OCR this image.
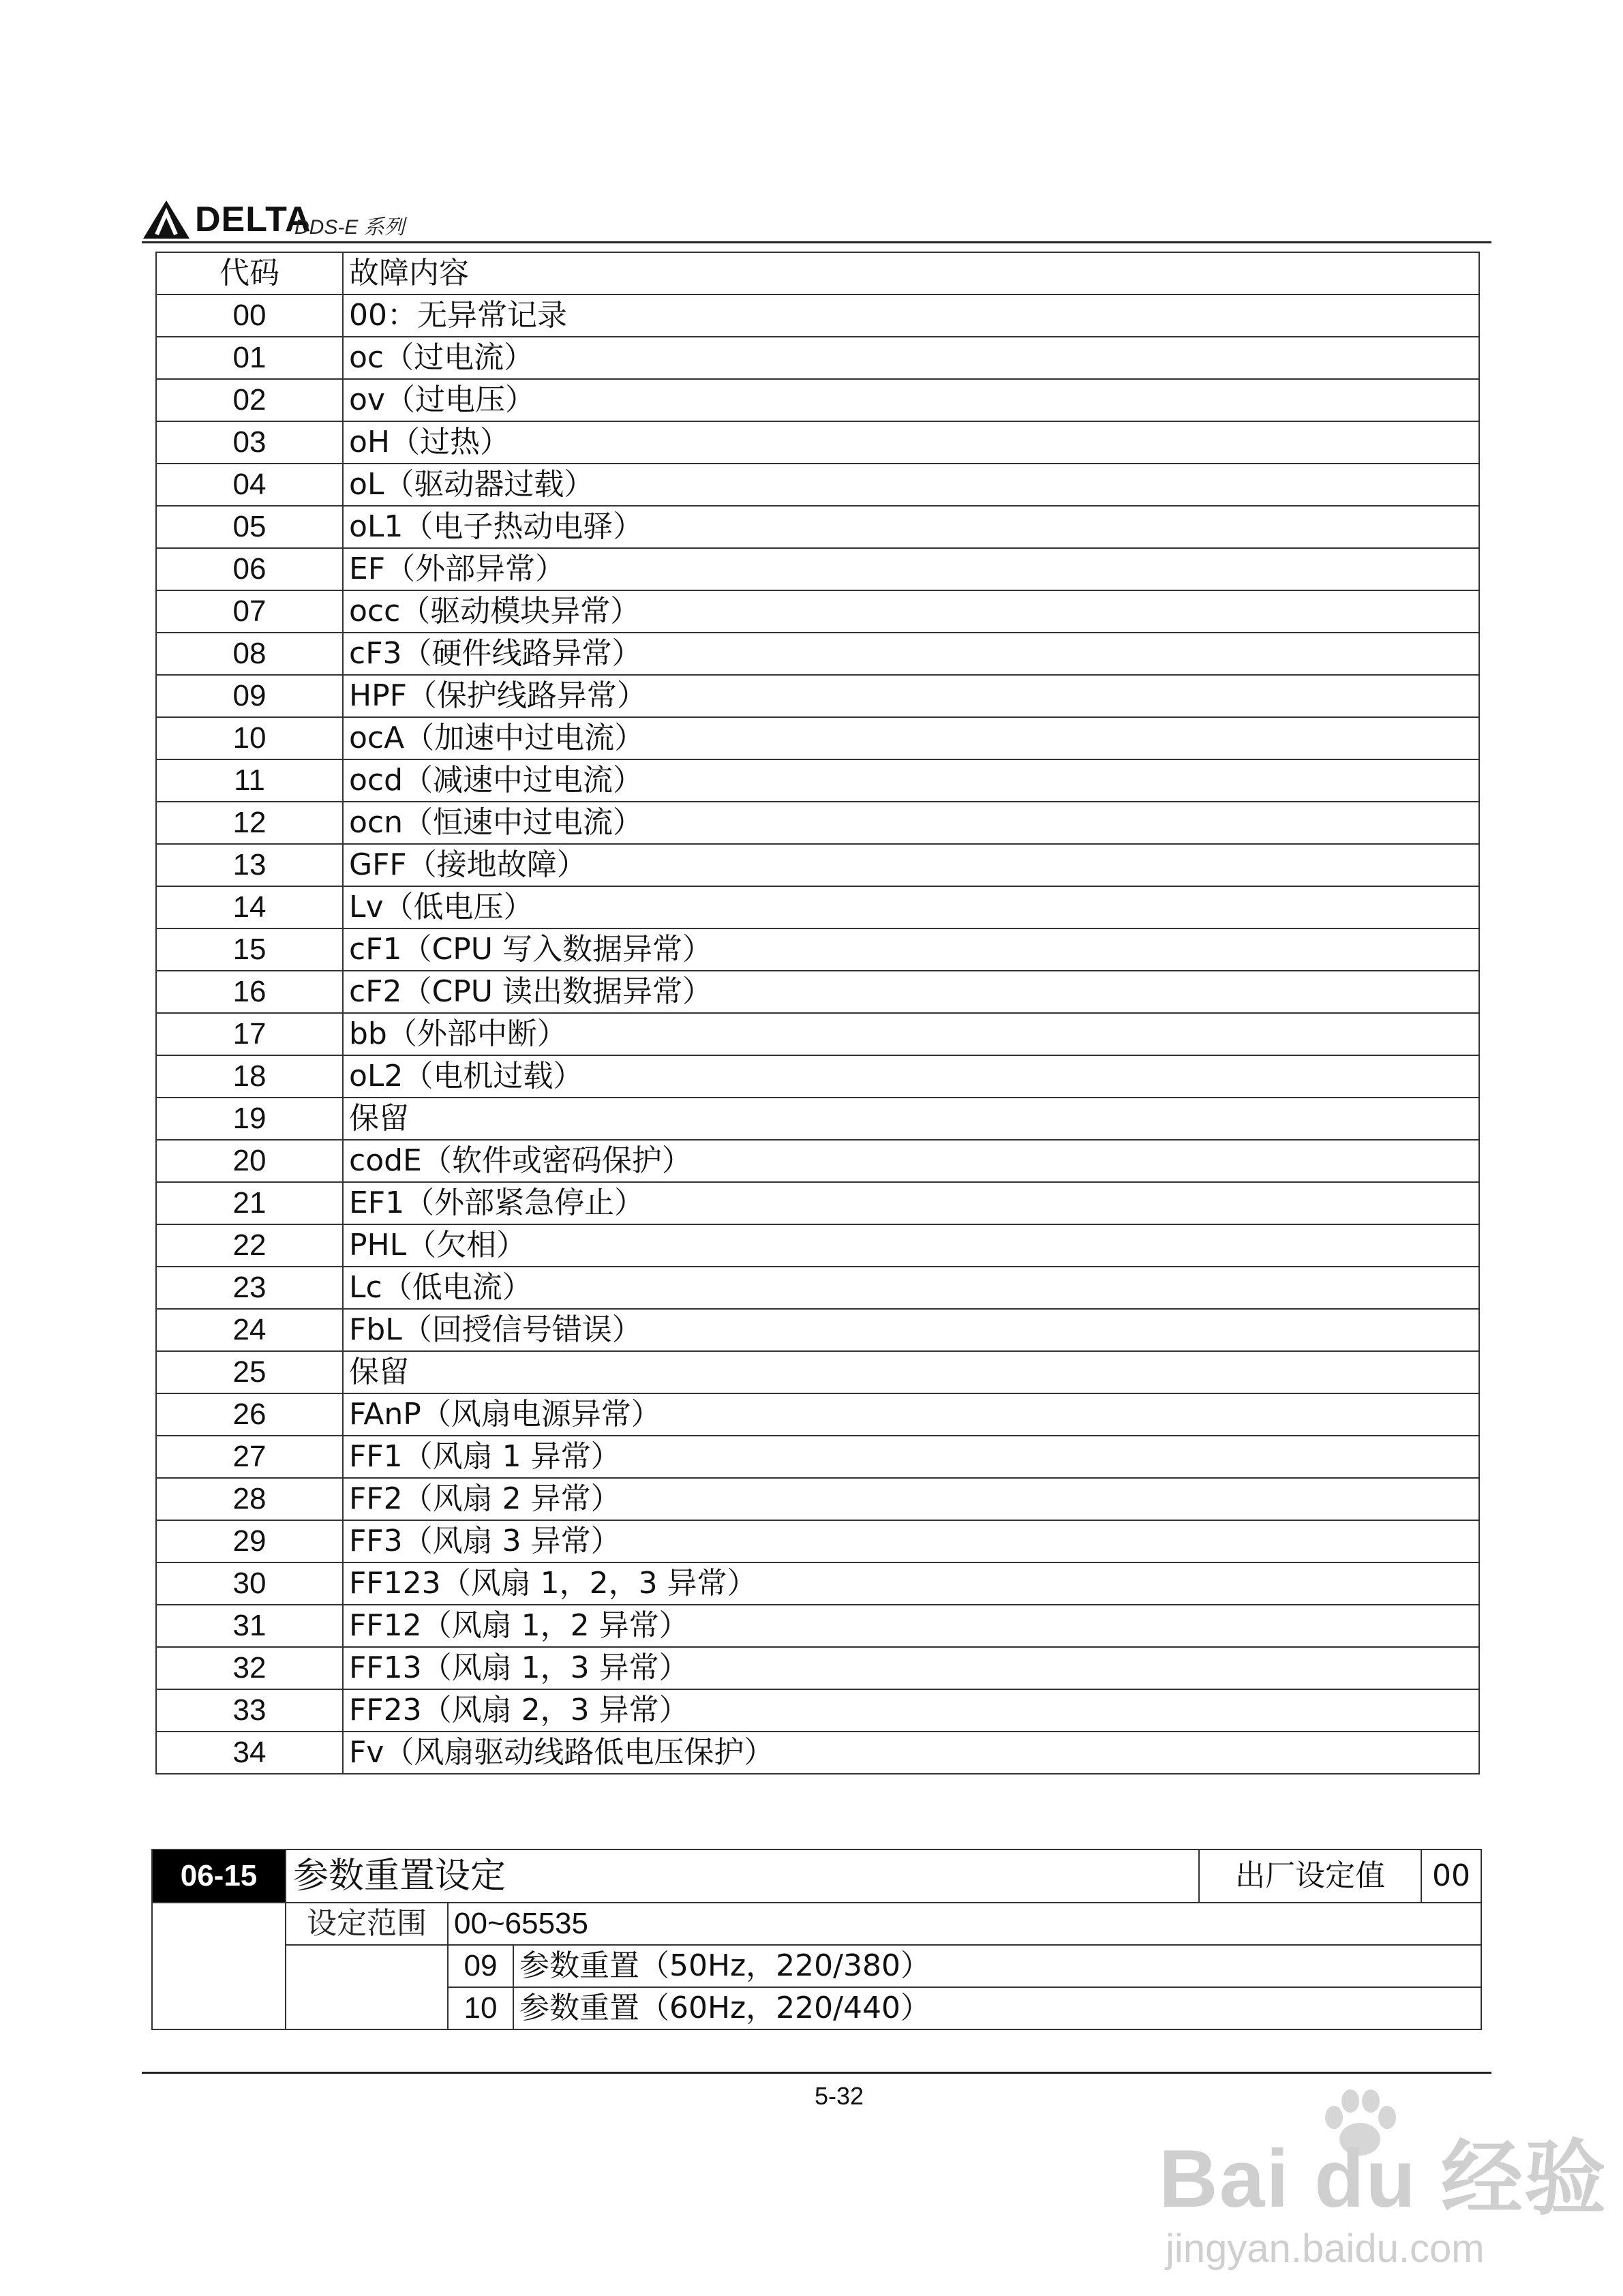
DELTA
DDS-E 系列
代码	故障内容
00	00：无异常记录
01	oc（过电流）
02	ov（过电压）
03	oH（过热）
04	oL（驱动器过载）
05	oL1（电子热动电驿）
06	EF（外部异常）
07	occ（驱动模块异常）
08	cF3（硬件线路异常）
09	HPF（保护线路异常）
10	ocA（加速中过电流）
11	ocd（减速中过电流）
12	ocn（恒速中过电流）
13	GFF（接地故障）
14	Lv（低电压）
15	cF1（CPU 写入数据异常）
16	cF2（CPU 读出数据异常）
17	bb（外部中断）
18	oL2（电机过载）
19	保留
20	codE（软件或密码保护）
21	EF1（外部紧急停止）
22	PHL（欠相）
23	Lc（低电流）
24	FbL（回授信号错误）
25	保留
26	FAnP（风扇电源异常）
27	FF1（风扇 1 异常）
28	FF2（风扇 2 异常）
29	FF3（风扇 3 异常）
30	FF123（风扇 1，2，3 异常）
31	FF12（风扇 1，2 异常）
32	FF13（风扇 1，3 异常）
33	FF23（风扇 2，3 异常）
34	Fv（风扇驱动线路低电压保护）
06-15	参数重置设定			出厂设定值	00
	设定范围	00~65535			
		09	参数重置（50Hz，220/380）		
		10	参数重置（60Hz，220/440）		
5-32
Bai du 经验
jingyan.baidu.com
